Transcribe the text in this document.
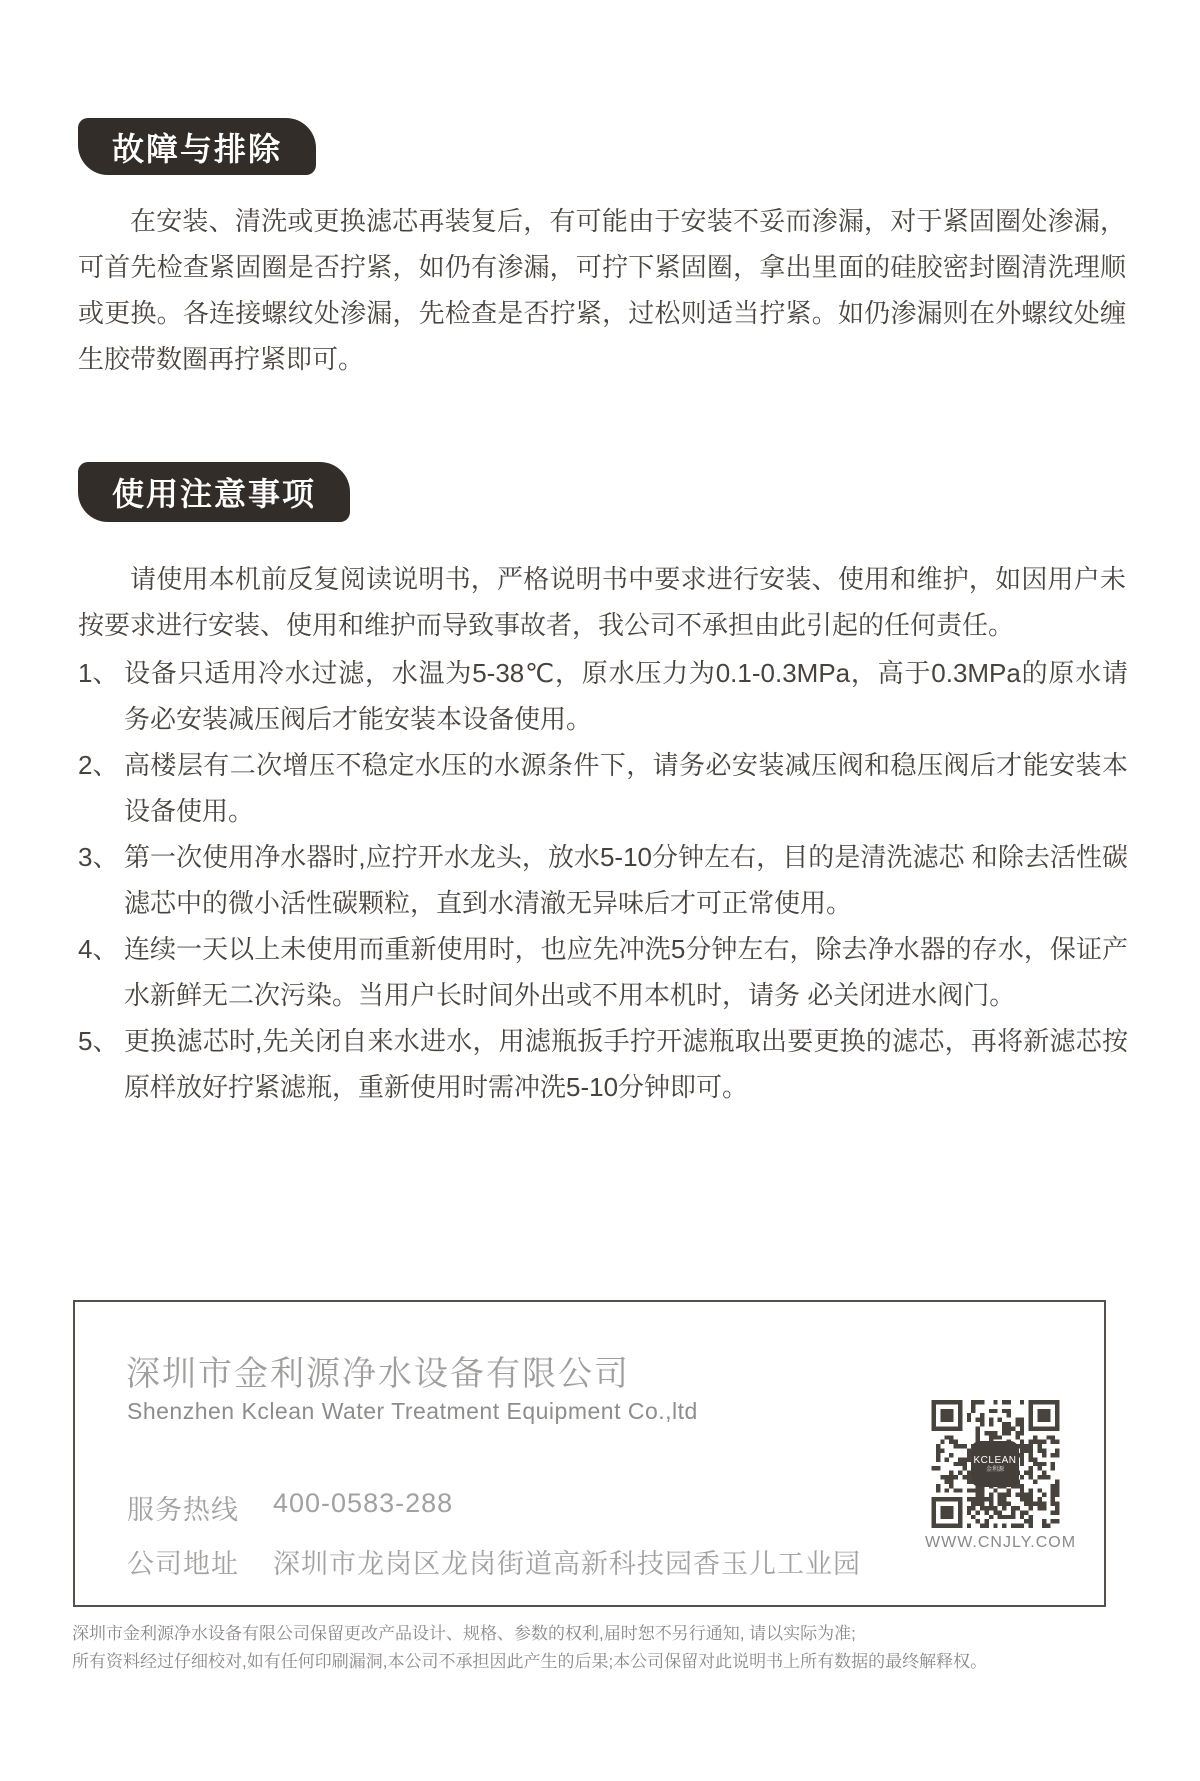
故障与排除
在安装、清洗或更换滤芯再装复后，有可能由于安装不妥而渗漏，对于紧固圈处渗漏，可首先检查紧固圈是否拧紧，如仍有渗漏，可拧下紧固圈，拿出里面的硅胶密封圈清洗理顺或更换。各连接螺纹处渗漏，先检查是否拧紧，过松则适当拧紧。如仍渗漏则在外螺纹处缠生胶带数圈再拧紧即可。
使用注意事项
请使用本机前反复阅读说明书，严格说明书中要求进行安装、使用和维护，如因用户未按要求进行安装、使用和维护而导致事故者，我公司不承担由此引起的任何责任。
1、 设备只适用冷水过滤，水温为5-38℃，原水压力为0.1-0.3MPa，高于0.3MPa的原水请务必安装减压阀后才能安装本设备使用。
2、 高楼层有二次增压不稳定水压的水源条件下，请务必安装减压阀和稳压阀后才能安装本设备使用。
3、 第一次使用净水器时,应拧开水龙头，放水5-10分钟左右，目的是清洗滤芯 和除去活性碳滤芯中的微小活性碳颗粒，直到水清澈无异味后才可正常使用。
4、 连续一天以上未使用而重新使用时，也应先冲洗5分钟左右，除去净水器的存水，保证产水新鲜无二次污染。当用户长时间外出或不用本机时，请务 必关闭进水阀门。
5、 更换滤芯时,先关闭自来水进水，用滤瓶扳手拧开滤瓶取出要更换的滤芯，再将新滤芯按原样放好拧紧滤瓶，重新使用时需冲洗5-10分钟即可。
深圳市金利源净水设备有限公司
Shenzhen Kclean Water Treatment Equipment Co.,ltd
服务热线 400-0583-288
公司地址 深圳市龙岗区龙岗街道高新科技园香玉儿工业园
KCLEAN
金利源
WWW.CNJLY.COM
深圳市金利源净水设备有限公司保留更改产品设计、规格、参数的权利,届时恕不另行通知, 请以实际为准;
所有资料经过仔细校对,如有任何印刷漏洞,本公司不承担因此产生的后果;本公司保留对此说明书上所有数据的最终解释权。
